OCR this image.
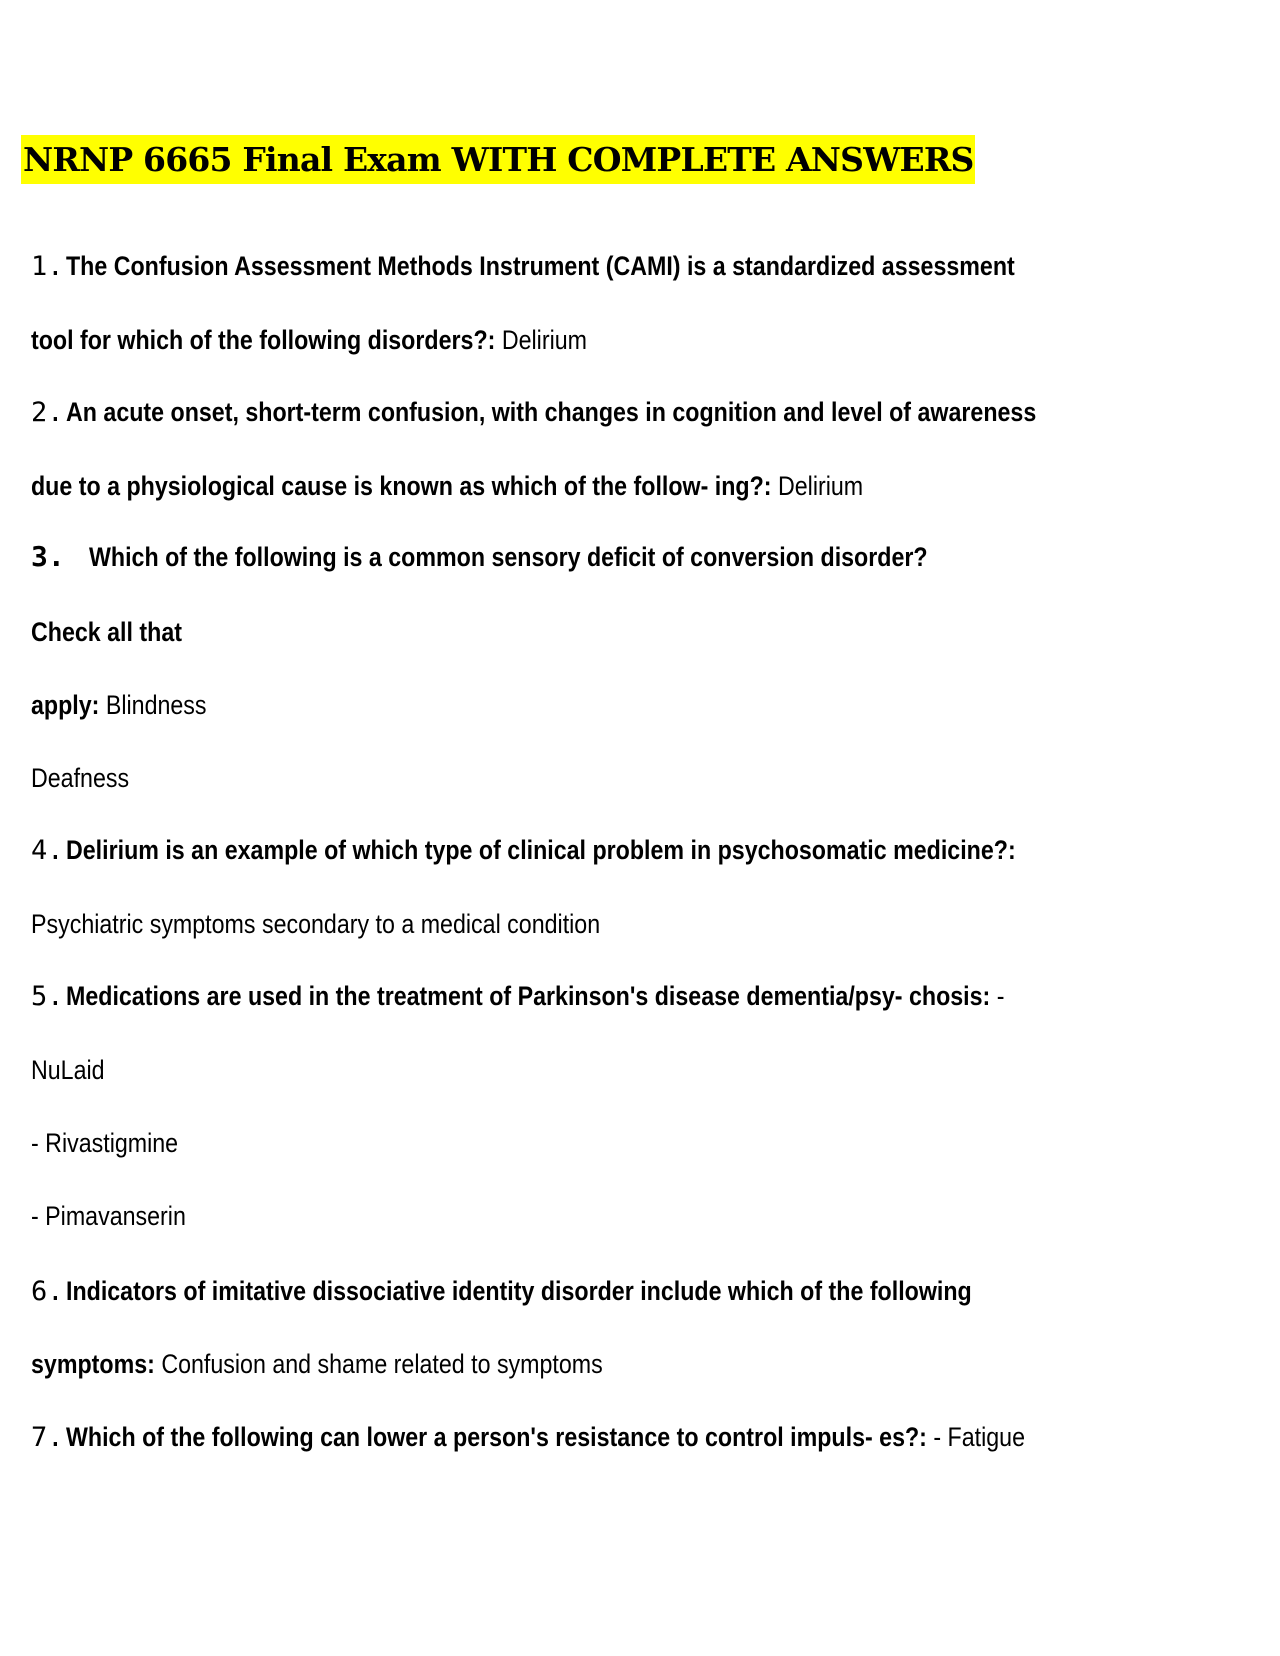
NRNP 6665 Final Exam WITH COMPLETE ANSWERS
1.The Confusion Assessment Methods Instrument (CAMI) is a standardized assessment
tool for which of the following disorders?: Delirium
2.An acute onset, short-term confusion, with changes in cognition and level of awareness
due to a physiological cause is known as which of the follow- ing?: Delirium
3. Which of the following is a common sensory deficit of conversion disorder?
Check all that
apply: Blindness
Deafness
4.Delirium is an example of which type of clinical problem in psychosomatic medicine?:
Psychiatric symptoms secondary to a medical condition
5.Medications are used in the treatment of Parkinson's disease dementia/psy- chosis: -
NuLaid
- Rivastigmine
- Pimavanserin
6.Indicators of imitative dissociative identity disorder include which of the following
symptoms: Confusion and shame related to symptoms
7.Which of the following can lower a person's resistance to control impuls- es?: - Fatigue
